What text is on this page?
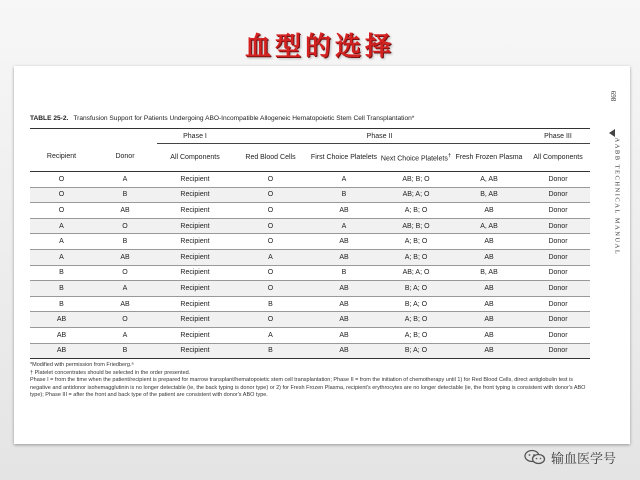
血型的选择
TABLE 25-2. Transfusion Support for Patients Undergoing ABO-Incompatible Allogeneic Hematopoietic Stem Cell Transplantation*
		Phase I	Phase II				Phase III
Recipient	Donor	All Components	Red Blood Cells	First Choice Platelets	Next Choice Platelets†	Fresh Frozen Plasma	All Components
O	A	Recipient	O	A	AB; B; O	A, AB	Donor
O	B	Recipient	O	B	AB; A; O	B, AB	Donor
O	AB	Recipient	O	AB	A; B; O	AB	Donor
A	O	Recipient	O	A	AB; B; O	A, AB	Donor
A	B	Recipient	O	AB	A; B; O	AB	Donor
A	AB	Recipient	A	AB	A; B; O	AB	Donor
B	O	Recipient	O	B	AB; A; O	B, AB	Donor
B	A	Recipient	O	AB	B; A; O	AB	Donor
B	AB	Recipient	B	AB	B; A; O	AB	Donor
AB	O	Recipient	O	AB	A; B; O	AB	Donor
AB	A	Recipient	A	AB	A; B; O	AB	Donor
AB	B	Recipient	B	AB	B; A; O	AB	Donor

*Modified with permission from Friedberg.ᵃ

† Platelet concentrates should be selected in the order presented.

Phase I = from the time when the patient/recipient is prepared for marrow transplant/hematopoietic stem cell transplantation; Phase II = from the initiation of chemotherapy until 1) for Red Blood Cells, direct antiglobulin test is negative and antidonor isohemagglutinin is no longer detectable (ie, the back typing is donor type) or 2) for Fresh Frozen Plasma, recipient's erythrocytes are no longer detectable (ie, the front typing is consistent with donor's ABO type); Phase III = after the front and back type of the patient are consistent with donor's ABO type.

698
AABB TECHNICAL MANUAL
输血医学号
